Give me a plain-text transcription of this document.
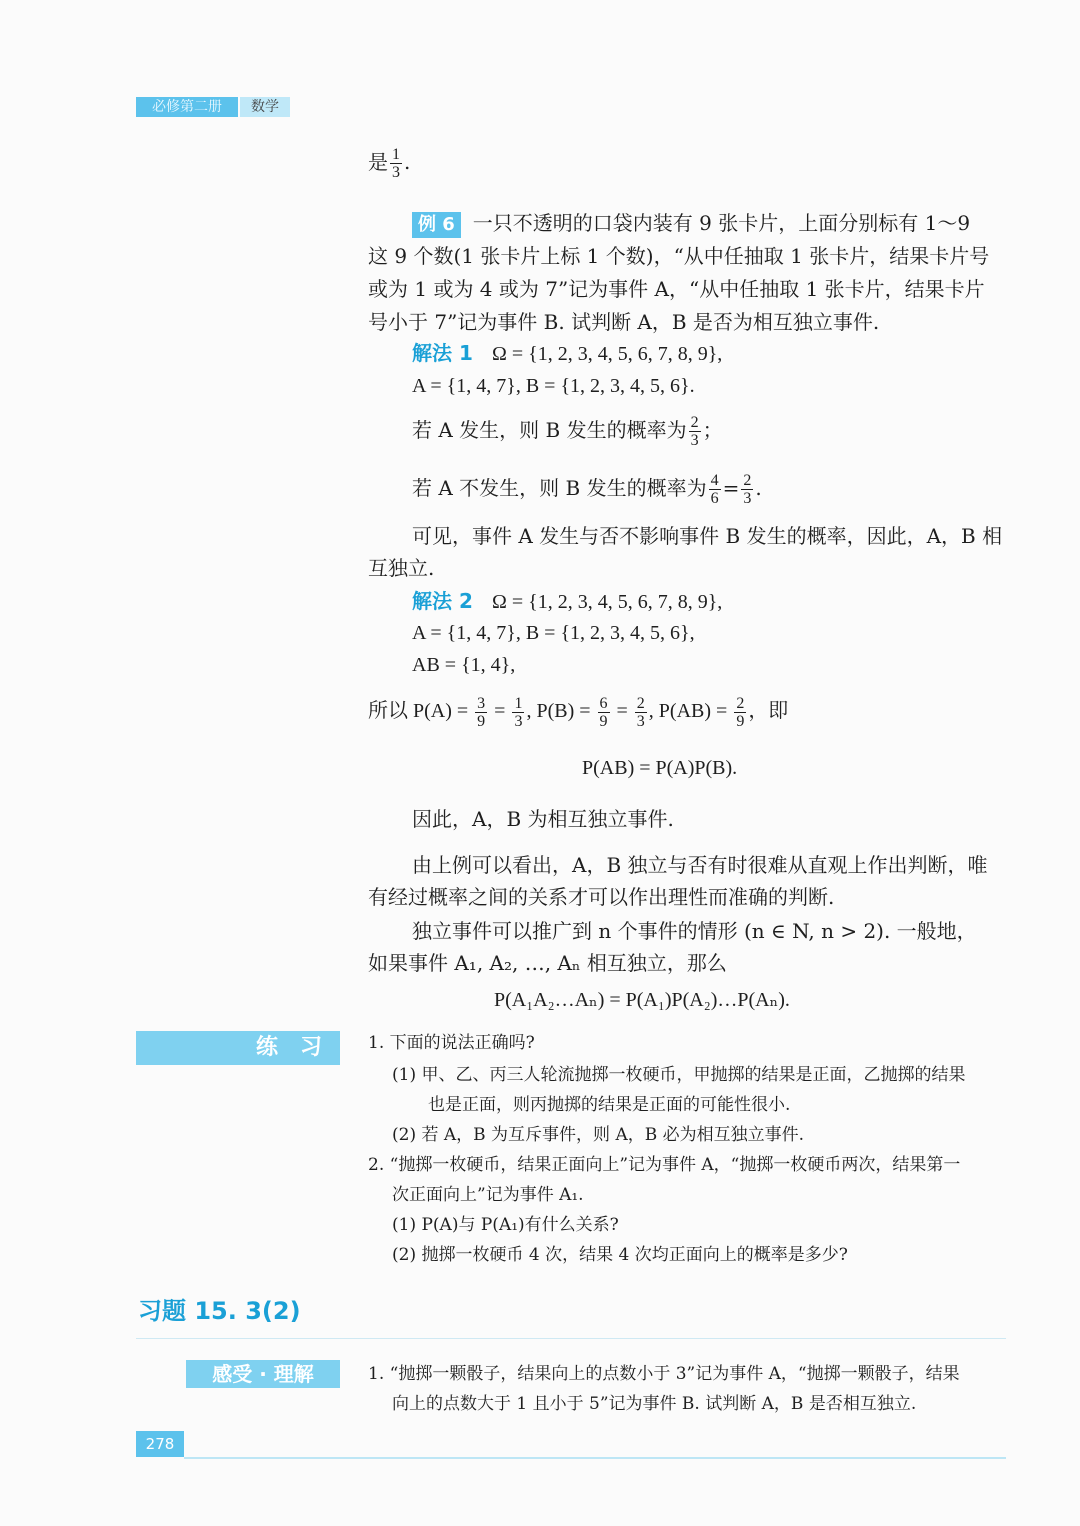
必修第二册	数学
是 $\frac{1}{3}$ .
例 6 一只不透明的口袋内装有 9 张卡片，上面分别标有 1～9
这 9 个数(1 张卡片上标 1 个数)，“从中任抽取 1 张卡片，结果卡片号
或为 1 或为 4 或为 7”记为事件 A，“从中任抽取 1 张卡片，结果卡片
号小于 7”记为事件 B. 试判断 A，B 是否为相互独立事件.
解法 1 Ω = {1, 2, 3, 4, 5, 6, 7, 8, 9},
A = {1, 4, 7}, B = {1, 2, 3, 4, 5, 6}.
若 A 发生，则 B 发生的概率为 $\frac{2}{3}$ ；
若 A 不发生，则 B 发生的概率为 $\frac{4}{6} = \frac{2}{3}$ .
可见，事件 A 发生与否不影响事件 B 发生的概率，因此，A，B 相
互独立.
解法 2 Ω = {1, 2, 3, 4, 5, 6, 7, 8, 9},
A = {1, 4, 7}, B = {1, 2, 3, 4, 5, 6},
AB = {1, 4},
所以 $P(A) = \frac{3}{9} = \frac{1}{3}$ , $P(B) = \frac{6}{9} = \frac{2}{3}$ , $P(AB) = \frac{2}{9}$ ，即
P(AB) = P(A)P(B).
因此，A，B 为相互独立事件.
由上例可以看出，A，B 独立与否有时很难从直观上作出判断，唯
有经过概率之间的关系才可以作出理性而准确的判断.
独立事件可以推广到 n 个事件的情形 (n ∈ N, n > 2). 一般地，
如果事件 A₁, A₂, …, Aₙ 相互独立，那么
P(A₁A₂…Aₙ) = P(A₁)P(A₂)…P(Aₙ).
练　习	1. 下面的说法正确吗?
(1) 甲、乙、丙三人轮流抛掷一枚硬币，甲抛掷的结果是正面，乙抛掷的结果
也是正面，则丙抛掷的结果是正面的可能性很小.
(2) 若 A，B 为互斥事件，则 A，B 必为相互独立事件.
2. “抛掷一枚硬币，结果正面向上”记为事件 A，“抛掷一枚硬币两次，结果第一
次正面向上”记为事件 A₁.
(1) P(A)与 P(A₁)有什么关系?
(2) 抛掷一枚硬币 4 次，结果 4 次均正面向上的概率是多少?
习题 15. 3(2)
感受 · 理解	1. “抛掷一颗骰子，结果向上的点数小于 3”记为事件 A，“抛掷一颗骰子，结果
向上的点数大于 1 且小于 5”记为事件 B. 试判断 A，B 是否相互独立.
278
